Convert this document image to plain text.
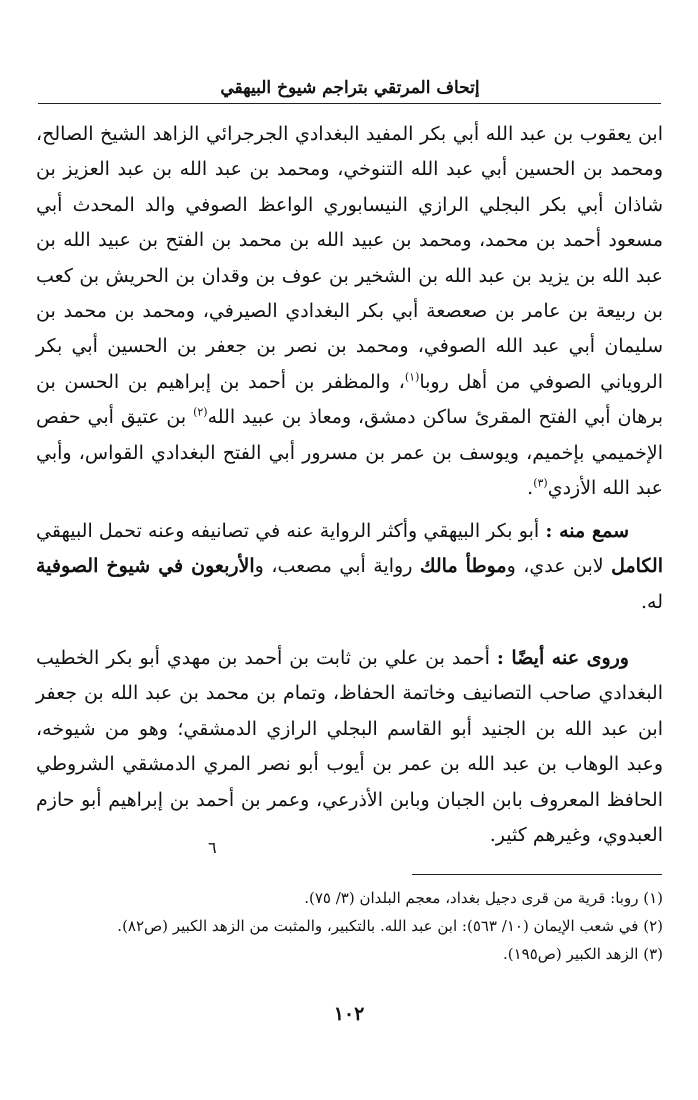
إتحاف المرتقي بتراجم شيوخ البيهقي
ابن يعقوب بن عبد الله أبي بكر المفيد البغدادي الجرجرائي الزاهد الشيخ الصالح، ومحمد بن الحسين أبي عبد الله التنوخي، ومحمد بن عبد الله بن عبد العزيز بن شاذان أبي بكر البجلي الرازي النيسابوري الواعظ الصوفي والد المحدث أبي مسعود أحمد بن محمد، ومحمد بن عبيد الله بن محمد بن الفتح بن عبيد الله بن عبد الله بن يزيد بن عبد الله بن الشخير بن عوف بن وقدان بن الحريش بن كعب بن ربيعة بن عامر بن صعصعة أبي بكر البغدادي الصيرفي، ومحمد بن محمد بن سليمان أبي عبد الله الصوفي، ومحمد بن نصر بن جعفر بن الحسين أبي بكر الروياني الصوفي من أهل روبا$^{(١)}$، والمظفر بن أحمد بن إبراهيم بن الحسن بن برهان أبي الفتح المقرئ ساكن دمشق، ومعاذ بن عبيد الله$^{(٢)}$ بن عتيق أبي حفص الإخميمي بإخميم، ويوسف بن عمر بن مسرور أبي الفتح البغدادي القواس، وأبي عبد الله الأزدي$^{(٣)}$.
سمع منه : أبو بكر البيهقي وأكثر الرواية عنه في تصانيفه وعنه تحمل البيهقي الكامل لابن عدي، وموطأ مالك رواية أبي مصعب، والأربعون في شيوخ الصوفية له.
وروى عنه أيضًا : أحمد بن علي بن ثابت بن أحمد بن مهدي أبو بكر الخطيب البغدادي صاحب التصانيف وخاتمة الحفاظ، وتمام بن محمد بن عبد الله بن جعفر ابن عبد الله بن الجنيد أبو القاسم البجلي الرازي الدمشقي؛ وهو من شيوخه، وعبد الوهاب بن عبد الله بن عمر بن أيوب أبو نصر المري الدمشقي الشروطي الحافظ المعروف بابن الجبان وبابن الأذرعي، وعمر بن أحمد بن إبراهيم أبو حازم العبدوي، وغيرهم كثير.
٦
(١) روبا: قرية من قرى دجيل بغداد، معجم البلدان (٣/ ٧٥).
(٢) في شعب الإيمان (١٠/ ٥٦٣): ابن عبد الله. بالتكبير، والمثبت من الزهد الكبير (ص٨٢).
(٣) الزهد الكبير (ص١٩٥).
١٠٢
